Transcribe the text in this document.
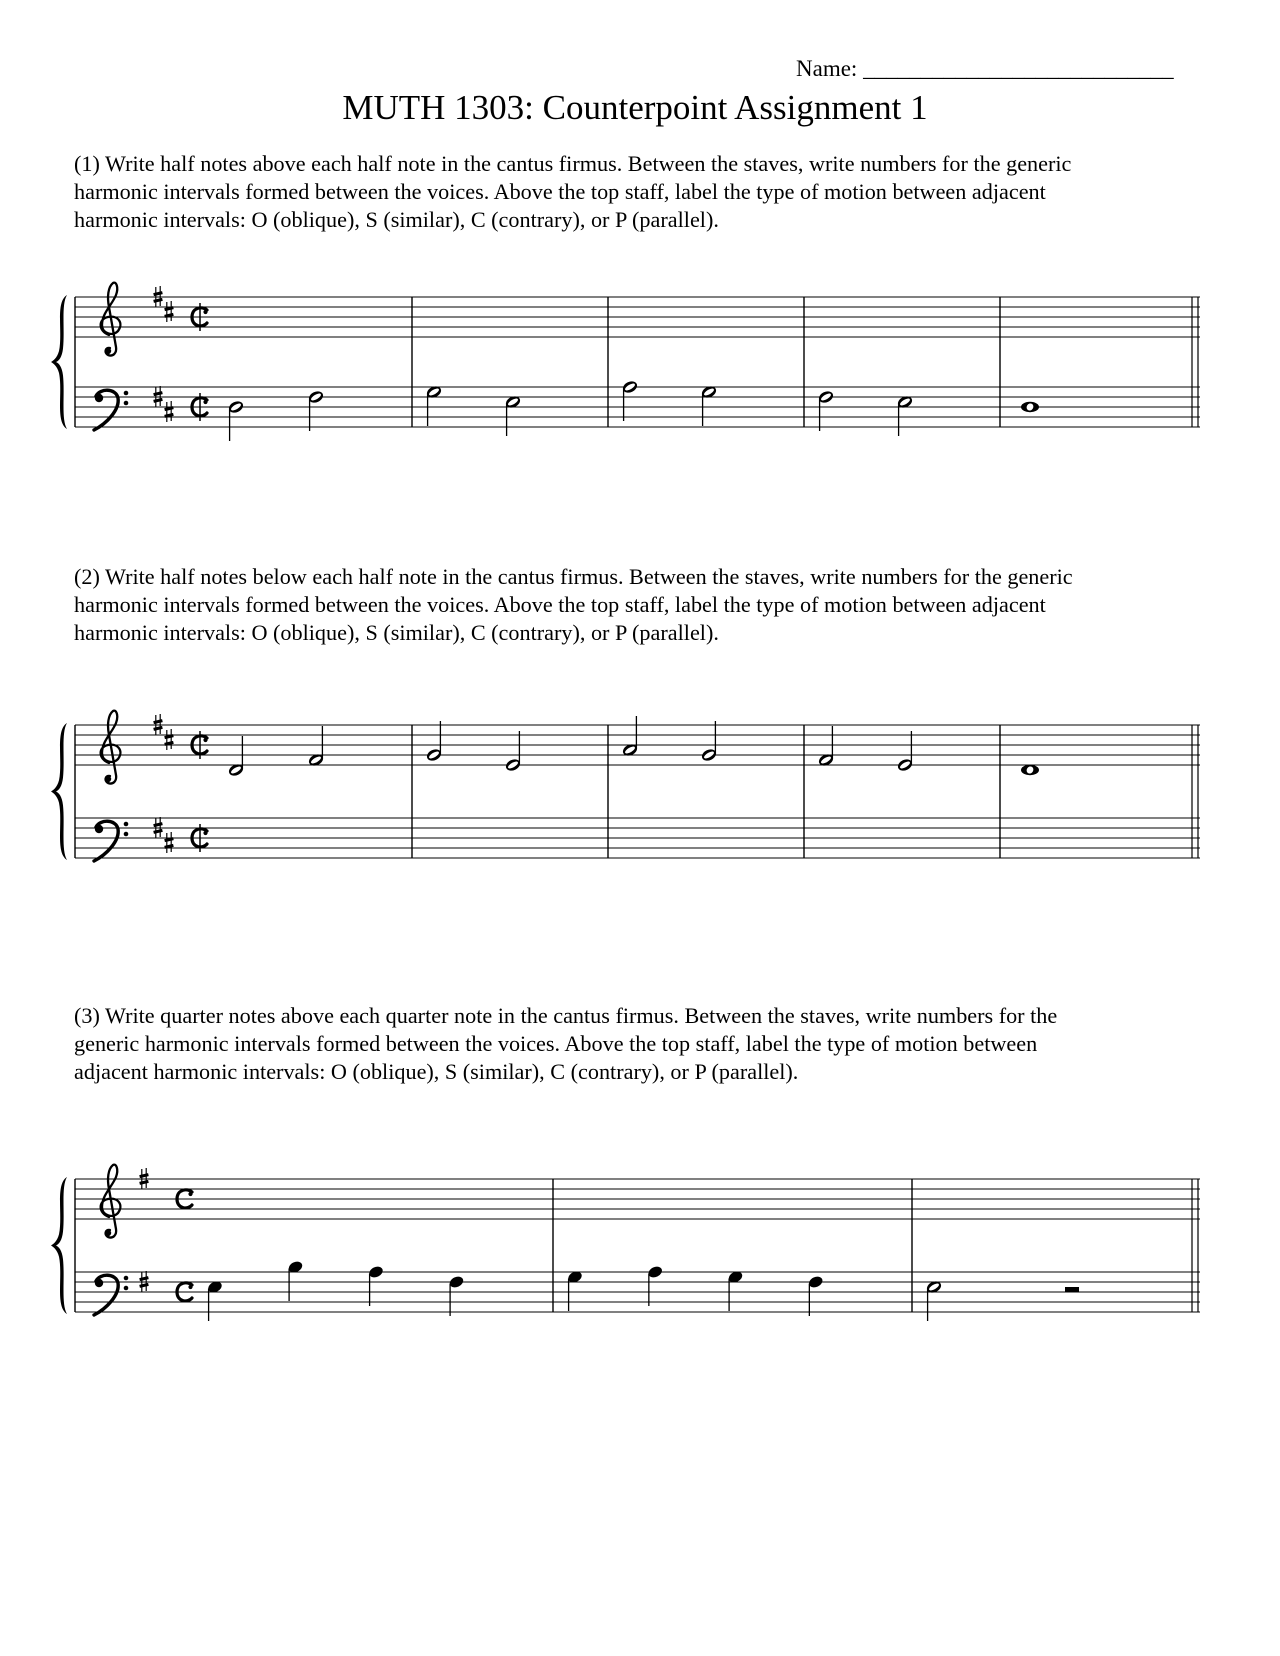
Name: ___________________________
MUTH 1303: Counterpoint Assignment 1

(1) Write half notes above each half note in the cantus firmus. Between the staves, write numbers for the generic

harmonic intervals formed between the voices. Above the top staff, label the type of motion between adjacent

harmonic intervals: O (oblique), S (similar), C (contrary), or P (parallel).

(2) Write half notes below each half note in the cantus firmus. Between the staves, write numbers for the generic

harmonic intervals formed between the voices. Above the top staff, label the type of motion between adjacent

harmonic intervals: O (oblique), S (similar), C (contrary), or P (parallel).

(3) Write quarter notes above each quarter note in the cantus firmus. Between the staves, write numbers for the

generic harmonic intervals formed between the voices. Above the top staff, label the type of motion between

adjacent harmonic intervals: O (oblique), S (similar), C (contrary), or P (parallel).
